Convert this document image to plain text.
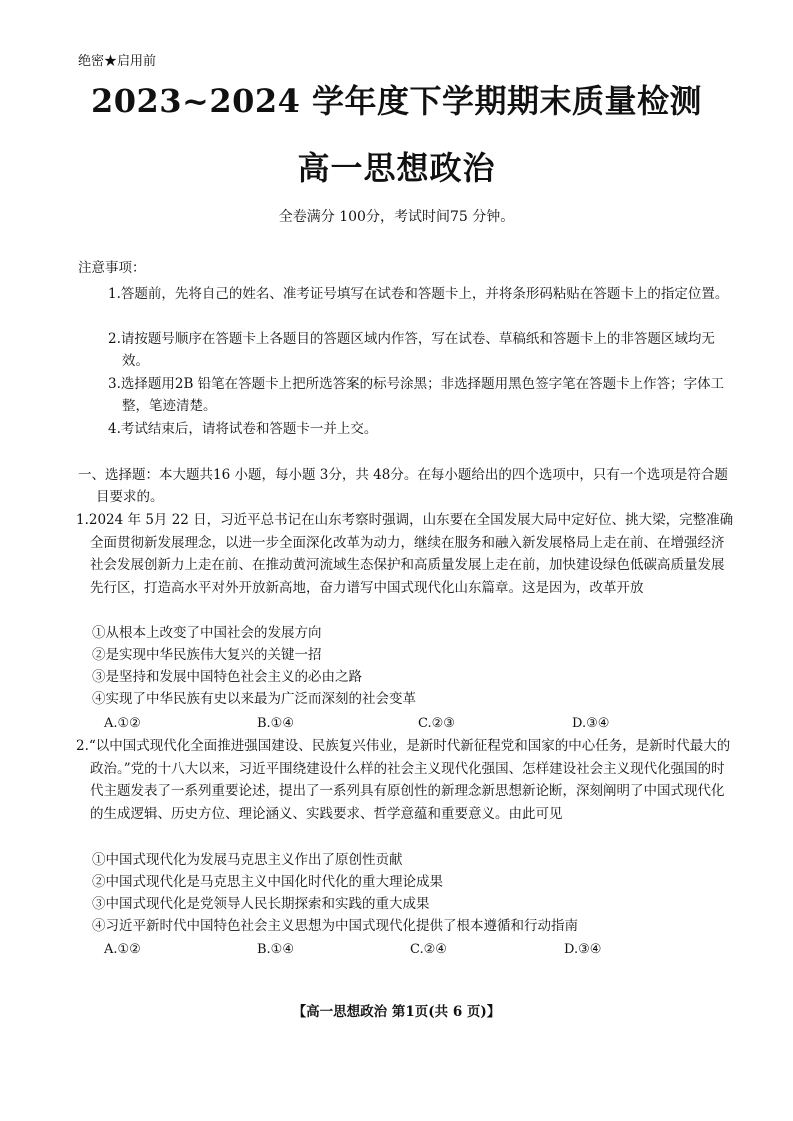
绝密★启用前
2023~2024 学年度下学期期末质量检测
高一思想政治
全卷满分 100分，考试时间75 分钟。
注意事项：
1.答题前，先将自己的姓名、准考证号填写在试卷和答题卡上，并将条形码粘贴在答题卡上的指定位置。
2.请按题号顺序在答题卡上各题目的答题区域内作答，写在试卷、草稿纸和答题卡上的非答题区域均无效。
3.选择题用2B 铅笔在答题卡上把所选答案的标号涂黑；非选择题用黑色签字笔在答题卡上作答；字体工整，笔迹清楚。
4.考试结束后，请将试卷和答题卡一并上交。
一、选择题：本大题共16 小题，每小题 3分，共 48分。在每小题给出的四个选项中，只有一个选项是符合题目要求的。
1.2024 年 5月 22 日，习近平总书记在山东考察时强调，山东要在全国发展大局中定好位、挑大梁，完整准确全面贯彻新发展理念，以进一步全面深化改革为动力，继续在服务和融入新发展格局上走在前、在增强经济社会发展创新力上走在前、在推动黄河流域生态保护和高质量发展上走在前，加快建设绿色低碳高质量发展先行区，打造高水平对外开放新高地，奋力谱写中国式现代化山东篇章。这是因为，改革开放
①从根本上改变了中国社会的发展方向
②是实现中华民族伟大复兴的关键一招
③是坚持和发展中国特色社会主义的必由之路
④实现了中华民族有史以来最为广泛而深刻的社会变革
A.①②	B.①④	C.②③	D.③④
2.“以中国式现代化全面推进强国建设、民族复兴伟业，是新时代新征程党和国家的中心任务，是新时代最大的政治。”党的十八大以来，习近平围绕建设什么样的社会主义现代化强国、怎样建设社会主义现代化强国的时代主题发表了一系列重要论述，提出了一系列具有原创性的新理念新思想新论断，深刻阐明了中国式现代化的生成逻辑、历史方位、理论涵义、实践要求、哲学意蕴和重要意义。由此可见
①中国式现代化为发展马克思主义作出了原创性贡献
②中国式现代化是马克思主义中国化时代化的重大理论成果
③中国式现代化是党领导人民长期探索和实践的重大成果
④习近平新时代中国特色社会主义思想为中国式现代化提供了根本遵循和行动指南
A.①②	B.①④	C.②④	D.③④
【高一思想政治 第1页(共 6 页)】
